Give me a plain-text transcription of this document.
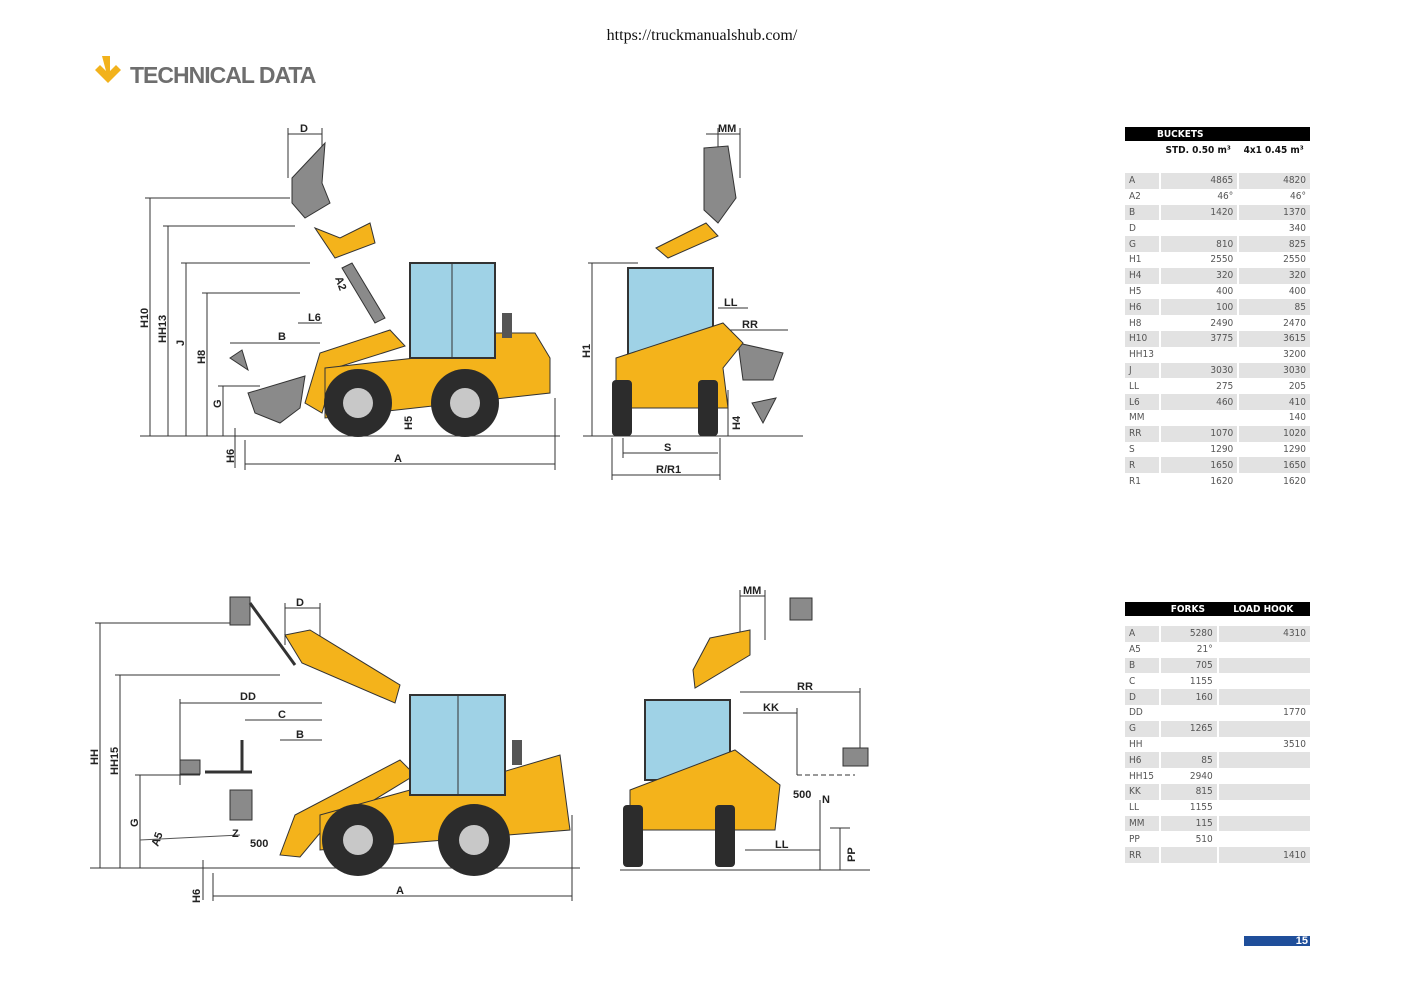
https://truckmanualshub.com/
TECHNICAL DATA
D
H10 HH13 J
H8
G
H6
B
L6
A2
H5
A
MM
LL
RR
H1
H4
S
R/R1
D
DD
C
B
HH HH15
G
A5	Z
500
H6	A
MM
RR
KK
500 N
LL
PP
BUCKETS		
	STD. 0.50 m³	4x1 0.45 m³
A	4865	4820
A2	46°	46°
B	1420	1370
D		340
G	810	825
H1	2550	2550
H4	320	320
H5	400	400
H6	100	85
H8	2490	2470
H10	3775	3615
HH13		3200
J	3030	3030
LL	275	205
L6	460	410
MM		140
RR	1070	1020
S	1290	1290
R	1650	1650
R1	1620	1620
	FORKS	LOAD HOOK

A	5280	4310
A5	21°	
B	705	
C	1155	
D	160	
DD		1770
G	1265	
HH		3510
H6	85	
HH15	2940	
KK	815	
LL	1155	
MM	115	
PP	510	
RR		1410
15
